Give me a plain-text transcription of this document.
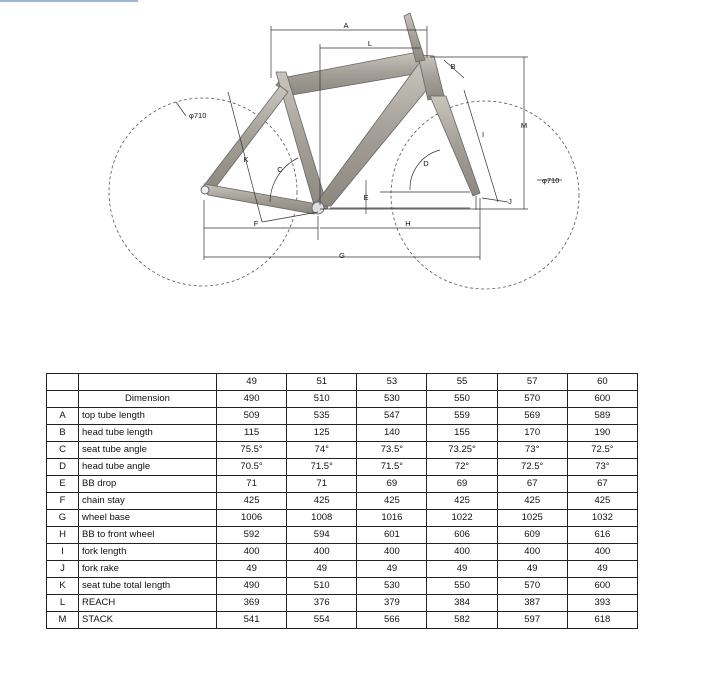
A
L
B
M
I
K
C
D
E
F	H
G
J
φ710
φ710
		49	51	53	55	57	60
	Dimension	490	510	530	550	570	600
A	top tube length	509	535	547	559	569	589
B	head tube length	115	125	140	155	170	190
C	seat tube angle	75.5°	74°	73.5°	73.25°	73°	72.5°
D	head tube angle	70.5°	71.5°	71.5°	72°	72.5°	73°
E	BB drop	71	71	69	69	67	67
F	chain stay	425	425	425	425	425	425
G	wheel base	1006	1008	1016	1022	1025	1032
H	BB to front wheel	592	594	601	606	609	616
I	fork length	400	400	400	400	400	400
J	fork rake	49	49	49	49	49	49
K	seat tube total length	490	510	530	550	570	600
L	REACH	369	376	379	384	387	393
M	STACK	541	554	566	582	597	618
